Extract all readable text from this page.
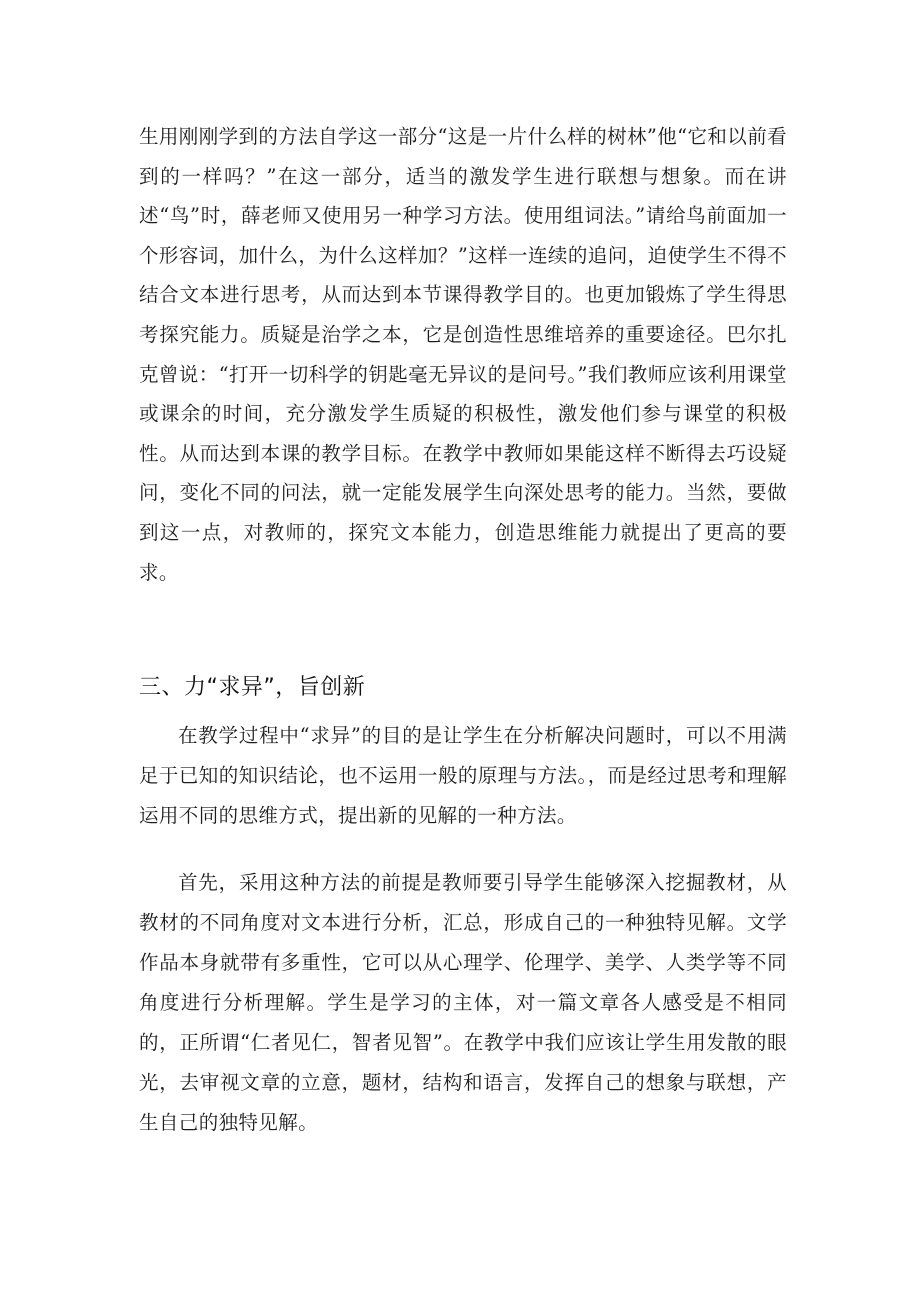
生用刚刚学到的方法自学这一部分“这是一片什么样的树林”他“它和以前看到的一样吗？”在这一部分，适当的激发学生进行联想与想象。而在讲述“鸟”时，薛老师又使用另一种学习方法。使用组词法。”请给鸟前面加一个形容词，加什么，为什么这样加？”这样一连续的追问，迫使学生不得不结合文本进行思考，从而达到本节课得教学目的。也更加锻炼了学生得思考探究能力。质疑是治学之本，它是创造性思维培养的重要途径。巴尔扎克曾说：“打开一切科学的钥匙毫无异议的是问号。”我们教师应该利用课堂或课余的时间，充分激发学生质疑的积极性，激发他们参与课堂的积极性。从而达到本课的教学目标。在教学中教师如果能这样不断得去巧设疑问，变化不同的问法，就一定能发展学生向深处思考的能力。当然，要做到这一点，对教师的，探究文本能力，创造思维能力就提出了更高的要求。

三、力“求异”，旨创新

在教学过程中“求异”的目的是让学生在分析解决问题时，可以不用满足于已知的知识结论，也不运用一般的原理与方法。，而是经过思考和理解运用不同的思维方式，提出新的见解的一种方法。

首先，采用这种方法的前提是教师要引导学生能够深入挖掘教材，从教材的不同角度对文本进行分析，汇总，形成自己的一种独特见解。文学作品本身就带有多重性，它可以从心理学、伦理学、美学、人类学等不同角度进行分析理解。学生是学习的主体，对一篇文章各人感受是不相同的，正所谓“仁者见仁，智者见智”。在教学中我们应该让学生用发散的眼光，去审视文章的立意，题材，结构和语言，发挥自己的想象与联想，产生自己的独特见解。
